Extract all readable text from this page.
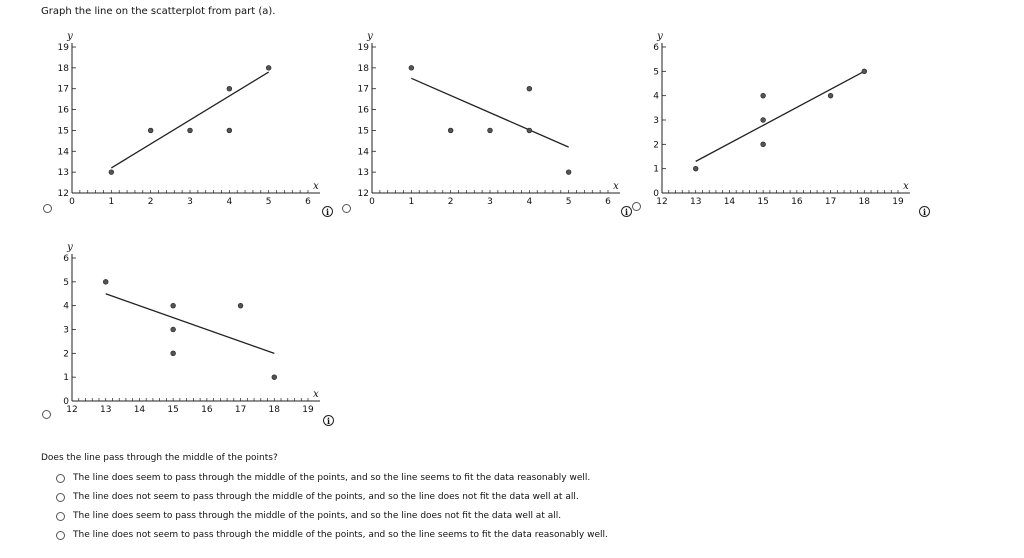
Graph the line on the scatterplot from part (a).
0	1	2	3	4	5	6
12
13
14
15
16
17
18
19
x
y
i
0	1	2	3	4	5	6
12
13
14
15
16
17
18
19
x
y
i
12 13 14 15 16 17 18 19
0
1
2
3
4
5
6
x
y
i
12 13 14 15 16 17 18 19
0
1
2
3
4
5
6
x
y
i
Does the line pass through the middle of the points?
The line does seem to pass through the middle of the points, and so the line seems to fit the data reasonably well.
The line does not seem to pass through the middle of the points, and so the line does not fit the data well at all.
The line does seem to pass through the middle of the points, and so the line does not fit the data well at all.
The line does not seem to pass through the middle of the points, and so the line seems to fit the data reasonably well.
